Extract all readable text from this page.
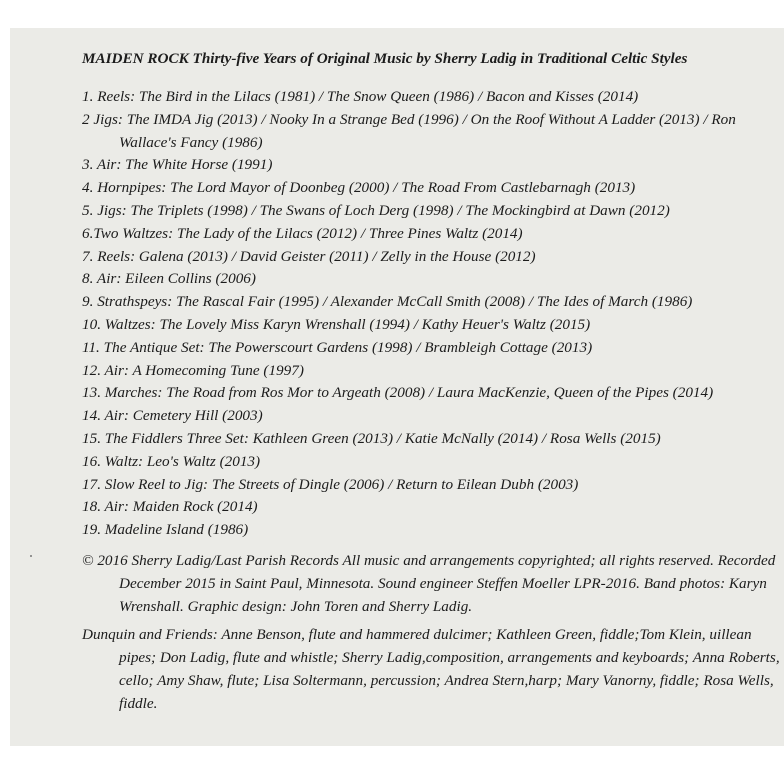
MAIDEN ROCK Thirty-five Years of Original Music by Sherry Ladig in Traditional Celtic Styles
1. Reels: The Bird in the Lilacs (1981) / The Snow Queen (1986) / Bacon and Kisses (2014)
2 Jigs: The IMDA Jig (2013) / Nooky In a Strange Bed (1996) / On the Roof Without A Ladder (2013) / Ron Wallace's Fancy (1986)
3. Air: The White Horse (1991)
4. Hornpipes: The Lord Mayor of Doonbeg (2000) / The Road From Castlebarnagh (2013)
5. Jigs: The Triplets (1998) / The Swans of Loch Derg (1998) / The Mockingbird at Dawn (2012)
6.Two Waltzes: The Lady of the Lilacs (2012) / Three Pines Waltz (2014)
7. Reels: Galena (2013) / David Geister (2011) / Zelly in the House (2012)
8. Air: Eileen Collins (2006)
9. Strathspeys: The Rascal Fair (1995) / Alexander McCall Smith (2008) / The Ides of March (1986)
10. Waltzes: The Lovely Miss Karyn Wrenshall (1994) / Kathy Heuer's Waltz (2015)
11. The Antique Set: The Powerscourt Gardens (1998) / Brambleigh Cottage (2013)
12. Air: A Homecoming Tune (1997)
13. Marches: The Road from Ros Mor to Argeath (2008) / Laura MacKenzie, Queen of the Pipes (2014)
14. Air: Cemetery Hill (2003)
15. The Fiddlers Three Set: Kathleen Green (2013) / Katie McNally (2014) / Rosa Wells (2015)
16. Waltz: Leo's Waltz (2013)
17. Slow Reel to Jig: The Streets of Dingle (2006) / Return to Eilean Dubh (2003)
18. Air: Maiden Rock (2014)
19. Madeline Island (1986)

© 2016 Sherry Ladig/Last Parish Records All music and arrangements copyrighted; all rights reserved. Recorded December 2015 in Saint Paul, Minnesota. Sound engineer Steffen Moeller LPR-2016. Band photos: Karyn Wrenshall. Graphic design: John Toren and Sherry Ladig.

Dunquin and Friends: Anne Benson, flute and hammered dulcimer; Kathleen Green, fiddle;Tom Klein, uillean pipes; Don Ladig, flute and whistle; Sherry Ladig,composition, arrangements and keyboards; Anna Roberts, cello; Amy Shaw, flute; Lisa Soltermann, percussion; Andrea Stern,harp; Mary Vanorny, fiddle; Rosa Wells, fiddle.
